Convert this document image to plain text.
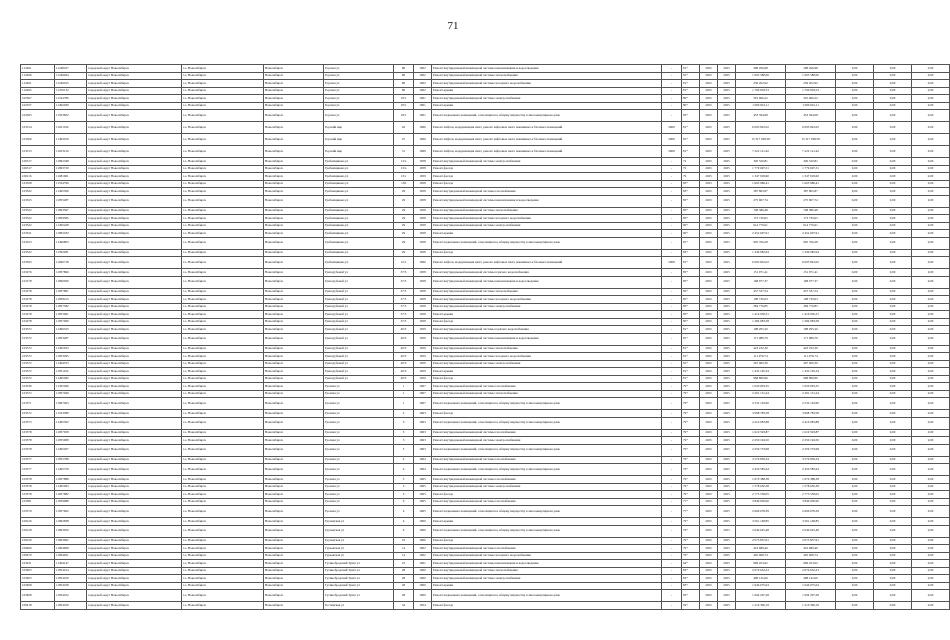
71
112491	11248167	городской округ Новосибирск	г.о. Новосибирск	Новосибирск	Горская ул	86	1962	Ремонт внутридомовой инженерной системы канализования и водоотведения	-	81*	2025	2025	298 296,98	298 296,98	0,00	0,00	0,00
112496	11249294	городской округ Новосибирск	г.о. Новосибирск	Новосибирск	Горская ул	86	1962	Ремонт внутридомовой инженерной системы теплоснабжения	-	81*	2025	2025	1 063 580,06	1 063 580,06	0,00	0,00	0,00
112491	11249165	городской округ Новосибирск	г.о. Новосибирск	Новосибирск	Горская ул	86	1962	Ремонт внутридомовой инженерной системы холодного водоснабжения	-	81*	2025	2025	259 202,92	259 202,92	0,00	0,00	0,00
112495	11250132	городской округ Новосибирск	г.о. Новосибирск	Новосибирск	Горская ул	86	1962	Ремонт крыши	-	81*	2025	2025	1 769 818,53	1 769 818,53	0,00	0,00	0,00
102367	11524789	городской округ Новосибирск	г.о. Новосибирск	Новосибирск	Горская ул	18/1	1961	Ремонт внутридомовой инженерной системы электроснабжения	-	80*	2025	2025	591 966,22	591 966,22	0,00	0,00	0,00
102357	11492930	городской округ Новосибирск	г.о. Новосибирск	Новосибирск	Горская ул	18/1	1961	Ремонт крыши	-	80*	2025	2025	1 009 922,11	1 009 922,11	0,00	0,00	0,00
103365	11503832	городской округ Новосибирск	г.о. Новосибирск	Новосибирск	Горская ул	18/1	1961	Ремонт подвальных помещений, относящихся к общему имуществу в многоквартирном доме	-	83*	2025	2025	453 594,08	453 594,08	0,00	0,00	0,00
103314	11651194	городской округ Новосибирск	г.о. Новосибирск	Новосибирск	Горский мкр	62	1996	Ремонт лифтов, модернизация шахт, ремонт лифтовых шахт, машинных и блочных помещений	2009	81*	2025	2025	6 093 822,02	6 093 822,02	0,00	0,00	0,00
103306	11493019	городской округ Новосибирск	г.о. Новосибирск	Новосибирск	Горский мкр	47	1996	Ремонт лифтов, модернизация шахт, ремонт лифтовых шахт, машинных и блочных помещений	2009	81*	2025	2025	13 317 038,58	13 317 038,58	0,00	0,00	0,00
103313	11653210	городской округ Новосибирск	г.о. Новосибирск	Новосибирск	Горский мкр	51	1999	Ремонт лифтов, модернизация шахт, ремонт лифтовых шахт, машинных и блочных помещений	2008	81*	2025	2025	7 222 121,42	7 222 121,42	0,00	0,00	0,00
106317	11862348	городской округ Новосибирск	г.о. Новосибирск	Новосибирск	Гребенщикова ул	13/а	1958	Ремонт внутридомовой инженерной системы электроснабжения	-	72	2025	2025	320 520,81	320 520,81	0,00	0,00	0,00
106317	11863720	городской округ Новосибирск	г.о. Новосибирск	Новосибирск	Гребенщикова ул	13/а	1958	Ремонт фасада	-	72	2025	2025	1 779 697,31	1 779 697,31	0,00	0,00	0,00
106116	11681601	городской округ Новосибирск	г.о. Новосибирск	Новосибирск	Гребенщикова ул	13/с	1959	Ремонт фасада	-	79	2025	2025	1 347 918,60	1 347 918,60	0,00	0,00	0,00
103328	11524796	городской округ Новосибирск	г.о. Новосибирск	Новосибирск	Гребенщикова ул	159	1958	Ремонт фасада	-	83*	2025	2025	1 663 986,41	1 663 986,41	0,00	0,00	0,00
103322	11495506	городской округ Новосибирск	г.о. Новосибирск	Новосибирск	Гребенщикова ул	29	1958	Ремонт внутридомовой инженерной системы газоснабжения	-	83*	2025	2025	387 865,87	387 865,87	0,00	0,00	0,00
103325	11855287	городской округ Новосибирск	г.о. Новосибирск	Новосибирск	Гребенщикова ул	29	1958	Ремонт внутридомовой инженерной системы канализования и водоотведения	-	85*	2025	2025	275 967,74	275 967,74	0,00	0,00	0,00
103322	11863567	городской округ Новосибирск	г.о. Новосибирск	Новосибирск	Гребенщикова ул	29	1958	Ремонт внутридомовой инженерной системы теплоснабжения	-	85*	2025	2025	748 386,48	748 386,48	0,00	0,00	0,00
103322	11859585	городской округ Новосибирск	г.о. Новосибирск	Новосибирск	Гребенщикова ул	29	1958	Ремонт внутридомовой инженерной системы холодного водоснабжения	-	85*	2025	2025	173 730,65	173 730,65	0,00	0,00	0,00
103322	11495428	городской округ Новосибирск	г.о. Новосибирск	Новосибирск	Гребенщикова ул	29	1958	Ремонт внутридомовой инженерной системы электроснабжения	-	90*	2025	2025	614 770,61	614 770,61	0,00	0,00	0,00
103321	11865182	городской округ Новосибирск	г.о. Новосибирск	Новосибирск	Гребенщикова ул	29	1958	Ремонт крыши	-	90*	2025	2025	2 452 607,91	2 452 607,91	0,00	0,00	0,00
103323	11490803	городской округ Новосибирск	г.о. Новосибирск	Новосибирск	Гребенщикова ул	29	1958	Ремонт подвальных помещений, относящихся к общему имуществу в многоквартирном доме	-	81*	2025	2025	905 766,28	905 766,28	0,00	0,00	0,00
103322	11592281	городской округ Новосибирск	г.о. Новосибирск	Новосибирск	Гребенщикова ул	29	1958	Ремонт фасада	-	83*	2025	2025	1 349 082,94	1 349 082,94	0,00	0,00	0,00
103365	11690718	городской округ Новосибирск	г.о. Новосибирск	Новосибирск	Гребенщикова ул	12/1	1996	Ремонт лифтов, модернизация шахт, ремонт лифтовых шахт, машинных и блочных помещений	2008	81*	2025	2025	6 093 822,02	6 093 822,02	0,00	0,00	0,00
103276	11857866	городской округ Новосибирск	г.о. Новосибирск	Новосибирск	Гризодубовой ул	37/3	1958	Ремонт внутридомовой инженерной системы горячего водоснабжения	-	85*	2025	2025	151 971,41	151 971,41	0,00	0,00	0,00
103178	11860500	городской округ Новосибирск	г.о. Новосибирск	Новосибирск	Гризодубовой ул	37/3	1958	Ремонт внутридомовой инженерной системы канализования и водоотведения	-	85*	2025	2025	168 977,37	168 977,37	0,00	0,00	0,00
103278	11857801	городской округ Новосибирск	г.о. Новосибирск	Новосибирск	Гризодубовой ул	37/3	1958	Ремонт внутридомовой инженерной системы теплоснабжения	-	85*	2025	2025	457 537,54	457 537,54	0,00	0,00	0,00
103278	11858415	городской округ Новосибирск	г.о. Новосибирск	Новосибирск	Гризодубовой ул	37/3	1958	Ремонт внутридомовой инженерной системы холодного водоснабжения	-	85*	2025	2025	108 730,63	108 730,63	0,00	0,00	0,00
103278	11857582	городской округ Новосибирск	г.о. Новосибирск	Новосибирск	Гризодубовой ул	37/3	1958	Ремонт внутридомовой инженерной системы электроснабжения	-	85*	2025	2025	284 776,85	284 776,85	0,00	0,00	0,00
103278	11855061	городской округ Новосибирск	г.о. Новосибирск	Новосибирск	Гризодубовой ул	37/3	1958	Ремонт крыши	-	85*	2025	2025	1 416 036,31	1 416 036,31	0,00	0,00	0,00
103278	11857060	городской округ Новосибирск	г.о. Новосибирск	Новосибирск	Гризодубовой ул	37/3	1958	Ремонт фасада	-	85*	2025	2025	1 284 683,58	1 284 683,58	0,00	0,00	0,00
103372	11496525	городской округ Новосибирск	г.о. Новосибирск	Новосибирск	Гризодубовой ул	40/3	1959	Ремонт внутридомовой инженерной системы горячего водоснабжения	-	81*	2025	2025	198 295,26	198 295,26	0,00	0,00	0,00
103372	11853287	городской округ Новосибирск	г.о. Новосибирск	Новосибирск	Гризодубовой ул	40/3	1959	Ремонт внутридомовой инженерной системы канализования и водоотведения	-	81*	2025	2025	171 089,79	171 089,79	0,00	0,00	0,00
103372	11495023	городской округ Новосибирск	г.о. Новосибирск	Новосибирск	Гризодубовой ул	40/3	1959	Ремонт внутридомовой инженерной системы теплоснабжения	-	81*	2025	2025	423 232,30	423 232,30	0,00	0,00	0,00
103372	11853295	городской округ Новосибирск	г.о. Новосибирск	Новосибирск	Гризодубовой ул	40/3	1959	Ремонт внутридомовой инженерной системы холодного водоснабжения	-	81*	2025	2025	111 076,74	111 076,74	0,00	0,00	0,00
103372	11494553	городской округ Новосибирск	г.о. Новосибирск	Новосибирск	Гризодубовой ул	40/3	1959	Ремонт внутридомовой инженерной системы электроснабжения	-	81*	2025	2025	267 000,30	267 000,30	0,00	0,00	0,00
103372	11851102	городской округ Новосибирск	г.о. Новосибирск	Новосибирск	Гризодубовой ул	40/3	1959	Ремонт крыши	-	81*	2025	2025	1 432 195,34	1 432 195,34	0,00	0,00	0,00
103372	11495282	городской округ Новосибирск	г.о. Новосибирск	Новосибирск	Гризодубовой ул	40/3	1959	Ремонт фасада	-	81*	2025	2025	968 899,96	968 899,96	0,00	0,00	0,00
103336	11505040	городской округ Новосибирск	г.о. Новосибирск	Новосибирск	Грозная ул	1	1967	Ремонт внутридомовой инженерной системы газоснабжения	-	79*	2025	2025	1 020 003,35	1 020 003,35	0,00	0,00	0,00
103372	11857949	городской округ Новосибирск	г.о. Новосибирск	Новосибирск	Грозная ул	1	1967	Ремонт внутридомовой инженерной системы теплоснабжения	-	79*	2025	2025	2 291 131,24	2 291 131,24	0,00	0,00	0,00
103371	11867403	городской округ Новосибирск	г.о. Новосибирск	Новосибирск	Грозная ул	1	1967	Ремонт подвальных помещений, относящихся к общему имуществу в многоквартирном доме	-	79*	2025	2025	2 532 163,60	2 532 163,60	0,00	0,00	0,00
103372	11523589	городской округ Новосибирск	г.о. Новосибирск	Новосибирск	Грозная ул	2	1963	Ремонт фасада	-	79*	2025	2025	3 998 783,58	3 998 783,58	0,00	0,00	0,00
103375	11495302	городской округ Новосибирск	г.о. Новосибирск	Новосибирск	Грозная ул	3	1963	Ремонт подвальных помещений, относящихся к общему имуществу в многоквартирном доме	-	79*	2025	2025	2 410 083,88	2 410 083,88	0,00	0,00	0,00
103378	11857658	городской округ Новосибирск	г.о. Новосибирск	Новосибирск	Грозная ул	3	1963	Ремонт внутридомовой инженерной системы газоснабжения	-	79*	2025	2025	1 619 593,87	1 619 593,87	0,00	0,00	0,00
103378	11855908	городской округ Новосибирск	г.о. Новосибирск	Новосибирск	Грозная ул	3	1963	Ремонт внутридомовой инженерной системы электроснабжения	-	79*	2025	2025	2 250 194,50	2 250 194,50	0,00	0,00	0,00
103378	11495027	городской округ Новосибирск	г.о. Новосибирск	Новосибирск	Грозная ул	3	1963	Ремонт подвальных помещений, относящихся к общему имуществу в многоквартирном доме	-	79*	2025	2025	2 259 733,98	2 259 733,98	0,00	0,00	0,00
103377	11855788	городской округ Новосибирск	г.о. Новосибирск	Новосибирск	Грозная ул	4	1964	Ремонт внутридомовой инженерной системы газоснабжения	-	76*	2025	2025	3 576 859,34	3 576 859,34	0,00	0,00	0,00
103377	11495720	городской округ Новосибирск	г.о. Новосибирск	Новосибирск	Грозная ул	4	1964	Ремонт подвальных помещений, относящихся к общему имуществу в многоквартирном доме	-	76*	2025	2025	2 459 585,64	2 459 585,64	0,00	0,00	0,00
103378	11857888	городской округ Новосибирск	г.о. Новосибирск	Новосибирск	Грозная ул	5	1965	Ремонт внутридомовой инженерной системы газоснабжения	-	76*	2025	2025	1 670 388,38	1 670 388,38	0,00	0,00	0,00
103378	11495093	городской округ Новосибирск	г.о. Новосибирск	Новосибирск	Грозная ул	5	1965	Ремонт внутридомовой инженерной системы электроснабжения	-	76*	2025	2025	1 578 650,38	1 578 650,38	0,00	0,00	0,00
103378	11857882	городской округ Новосибирск	г.о. Новосибирск	Новосибирск	Грозная ул	5	1965	Ремонт фасада	-	76*	2025	2025	2 775 558,05	2 775 558,05	0,00	0,00	0,00
103381	11859988	городской округ Новосибирск	г.о. Новосибирск	Новосибирск	Грозная ул	6	1965	Ремонт внутридомовой инженерной системы газоснабжения	-	77*	2025	2025	3 849 936,90	3 849 936,90	0,00	0,00	0,00
103379	11857602	городской округ Новосибирск	г.о. Новосибирск	Новосибирск	Грозная ул	6	1965	Ремонт подвальных помещений, относящихся к общему имуществу в многоквартирном доме	-	77*	2025	2025	2 669 678,39	2 669 678,39	0,00	0,00	0,00
109126	11862838	городской округ Новосибирск	г.о. Новосибирск	Новосибирск	Грузинская ул	6	1960	Ремонт крыши	-	76*	2025	2025	3 561 148,85	3 561 148,85	0,00	0,00	0,00
109128	11863050	городской округ Новосибирск	г.о. Новосибирск	Новосибирск	Грузинская ул	6	1960	Ремонт подвальных помещений, относящихся к общему имуществу в многоквартирном доме	-	76*	2025	2025	2 649 625,48	2 649 625,48	0,00	0,00	0,00
109129	11863062	городской округ Новосибирск	г.о. Новосибирск	Новосибирск	Грузинская ул	19	1966	Ремонт фасада	-	76*	2025	2025	2 075 837,91	2 075 837,91	0,00	0,00	0,00
109469	11804608	городской округ Новосибирск	г.о. Новосибирск	Новосибирск	Гурьевская ул	14	1962	Ремонт внутридомовой инженерной системы газоснабжения	-	76*	2025	2025	419 689,46	419 689,46	0,00	0,00	0,00
109470	11804651	городской округ Новосибирск	г.о. Новосибирск	Новосибирск	Гурьевская ул	14	1962	Ремонт внутридомовой инженерной системы холодного водоснабжения	-	76*	2025	2025	465 968,74	465 968,74	0,00	0,00	0,00
103431	11494147	городской округ Новосибирск	г.о. Новосибирск	Новосибирск	Гусинобродский Тракт ул	23	1961	Ремонт внутридомовой инженерной системы канализования и водоотведения	-	64*	2025	2025	969 453,62	969 453,62	0,00	0,00	0,00
103405	11854104	городской округ Новосибирск	г.о. Новосибирск	Новосибирск	Гусинобродский Тракт ул	28	1960	Ремонт внутридомовой инженерной системы теплоснабжения	-	83*	2025	2025	2 679 632,23	2 679 632,23	0,00	0,00	0,00
103405	11854109	городской округ Новосибирск	г.о. Новосибирск	Новосибирск	Гусинобродский Тракт ул	28	1960	Ремонт внутридомовой инженерной системы электроснабжения	-	83*	2025	2025	498 145,66	498 145,66	0,00	0,00	0,00
103408	11854108	городской округ Новосибирск	г.о. Новосибирск	Новосибирск	Гусинобродский Тракт ул	28	1960	Ремонт крыши	-	83*	2025	2025	1 946 075,04	1 946 075,04	0,00	0,00	0,00
103408	11854102	городской округ Новосибирск	г.о. Новосибирск	Новосибирск	Гусинобродский Тракт ул	28	1960	Ремонт подвальных помещений, относящихся к общему имуществу в многоквартирном доме	-	83*	2025	2025	1 094 297,28	1 094 297,28	0,00	0,00	0,00
109418	11854100	городской округ Новосибирск	г.о. Новосибирск	Новосибирск	Гостинская ул	54	1954	Ремонт фасада	-	92*	2025	2025	1 210 396,19	1 210 396,19	0,00	0,00	0,00
